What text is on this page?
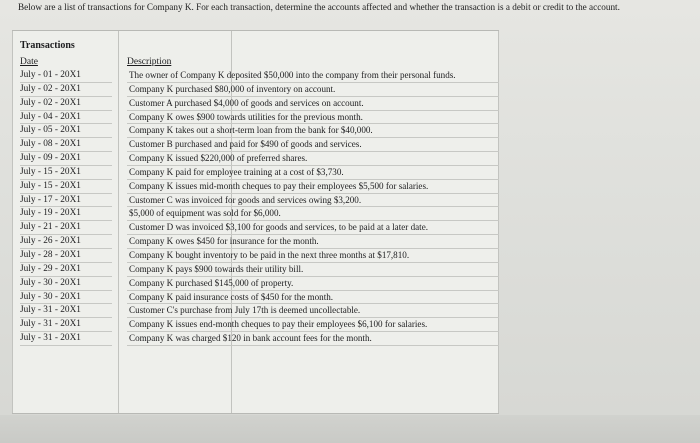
Below are a list of transactions for Company K. For each transaction, determine the accounts affected and whether the transaction is a debit or credit to the account.
Transactions
Date
July - 01 - 20X1
July - 02 - 20X1
July - 02 - 20X1
July - 04 - 20X1
July - 05 - 20X1
July - 08 - 20X1
July - 09 - 20X1
July - 15 - 20X1
July - 15 - 20X1
July - 17 - 20X1
July - 19 - 20X1
July - 21 - 20X1
July - 26 - 20X1
July - 28 - 20X1
July - 29 - 20X1
July - 30 - 20X1
July - 30 - 20X1
July - 31 - 20X1
July - 31 - 20X1
July - 31 - 20X1
Description
The owner of Company K deposited $50,000 into the company from their personal funds.
Company K purchased $80,000 of inventory on account.
Customer A purchased $4,000 of goods and services on account.
Company K owes $900 towards utilities for the previous month.
Company K takes out a short-term loan from the bank for $40,000.
Customer B purchased and paid for $490 of goods and services.
Company K issued $220,000 of preferred shares.
Company K paid for employee training at a cost of $3,730.
Company K issues mid-month cheques to pay their employees $5,500 for salaries.
Customer C was invoiced for goods and services owing $3,200.
$5,000 of equipment was sold for $6,000.
Customer D was invoiced $3,100 for goods and services, to be paid at a later date.
Company K owes $450 for insurance for the month.
Company K bought inventory to be paid in the next three months at $17,810.
Company K pays $900 towards their utility bill.
Company K purchased $145,000 of property.
Company K paid insurance costs of $450 for the month.
Customer C's purchase from July 17th is deemed uncollectable.
Company K issues end-month cheques to pay their employees $6,100 for salaries.
Company K was charged $120 in bank account fees for the month.
